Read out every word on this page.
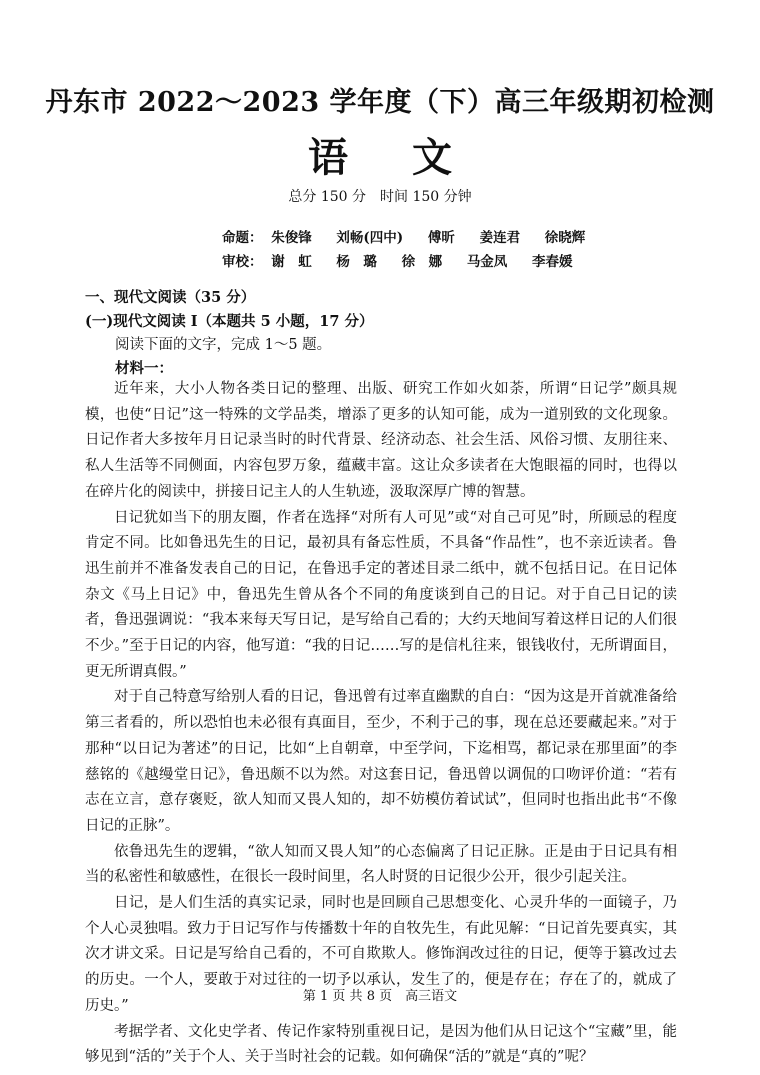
丹东市 2022～2023 学年度（下）高三年级期初检测
语 文
总分 150 分　时间 150 分钟
命题： 朱俊锋 刘畅(四中) 傅昕 姜连君 徐晓辉
审校： 谢　虹 杨　璐 徐　娜 马金凤 李春媛
一、现代文阅读（35 分）
(一)现代文阅读 I（本题共 5 小题，17 分）
阅读下面的文字，完成 1～5 题。
材料一：

近年来，大小人物各类日记的整理、出版、研究工作如火如荼，所谓“日记学”颇具规模，也使“日记”这一特殊的文学品类，增添了更多的认知可能，成为一道别致的文化现象。日记作者大多按年月日记录当时的时代背景、经济动态、社会生活、风俗习惯、友朋往来、私人生活等不同侧面，内容包罗万象，蕴藏丰富。这让众多读者在大饱眼福的同时，也得以在碎片化的阅读中，拼接日记主人的人生轨迹，汲取深厚广博的智慧。

日记犹如当下的朋友圈，作者在选择“对所有人可见”或“对自己可见”时，所顾忌的程度肯定不同。比如鲁迅先生的日记，最初具有备忘性质，不具备“作品性”，也不亲近读者。鲁迅生前并不准备发表自己的日记，在鲁迅手定的著述目录二纸中，就不包括日记。在日记体杂文《马上日记》中，鲁迅先生曾从各个不同的角度谈到自己的日记。对于自己日记的读者，鲁迅强调说：“我本来每天写日记，是写给自己看的；大约天地间写着这样日记的人们很不少。”至于日记的内容，他写道：“我的日记……写的是信札往来，银钱收付，无所谓面目，更无所谓真假。”

对于自己特意写给别人看的日记，鲁迅曾有过率直幽默的自白：“因为这是开首就准备给第三者看的，所以恐怕也未必很有真面目，至少，不利于己的事，现在总还要藏起来。”对于那种“以日记为著述”的日记，比如“上自朝章，中至学问，下迄相骂，都记录在那里面”的李慈铭的《越缦堂日记》，鲁迅颇不以为然。对这套日记，鲁迅曾以调侃的口吻评价道：“若有志在立言，意存褒贬，欲人知而又畏人知的，却不妨模仿着试试”，但同时也指出此书“不像日记的正脉”。

依鲁迅先生的逻辑，“欲人知而又畏人知”的心态偏离了日记正脉。正是由于日记具有相当的私密性和敏感性，在很长一段时间里，名人时贤的日记很少公开，很少引起关注。

日记，是人们生活的真实记录，同时也是回顾自己思想变化、心灵升华的一面镜子，乃个人心灵独唱。致力于日记写作与传播数十年的自牧先生，有此见解：“日记首先要真实，其次才讲文采。日记是写给自己看的，不可自欺欺人。修饰润改过往的日记，便等于篡改过去的历史。一个人，要敢于对过往的一切予以承认，发生了的，便是存在；存在了的，就成了历史。”

考据学者、文化史学者、传记作家特别重视日记，是因为他们从日记这个“宝藏”里，能够见到“活的”关于个人、关于当时社会的记载。如何确保“活的”就是“真的”呢？

第 1 页 共 8 页　高三语文
